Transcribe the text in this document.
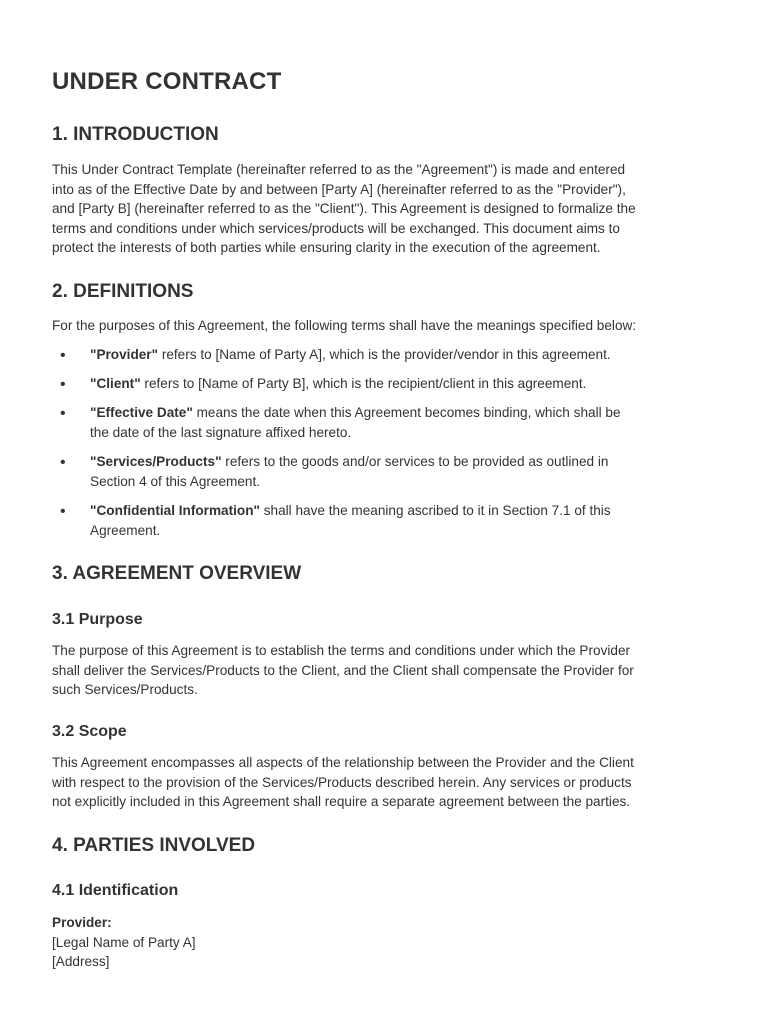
UNDER CONTRACT
1. INTRODUCTION

This Under Contract Template (hereinafter referred to as the "Agreement") is made and entered
into as of the Effective Date by and between [Party A] (hereinafter referred to as the "Provider"),
and [Party B] (hereinafter referred to as the "Client"). This Agreement is designed to formalize the
terms and conditions under which services/products will be exchanged. This document aims to
protect the interests of both parties while ensuring clarity in the execution of the agreement.

2. DEFINITIONS

For the purposes of this Agreement, the following terms shall have the meanings specified below:

• "Provider" refers to [Name of Party A], which is the provider/vendor in this agreement.
• "Client" refers to [Name of Party B], which is the recipient/client in this agreement.
• "Effective Date" means the date when this Agreement becomes binding, which shall be
the date of the last signature affixed hereto.
• "Services/Products" refers to the goods and/or services to be provided as outlined in
Section 4 of this Agreement.
• "Confidential Information" shall have the meaning ascribed to it in Section 7.1 of this
Agreement.
3. AGREEMENT OVERVIEW
3.1 Purpose

The purpose of this Agreement is to establish the terms and conditions under which the Provider
shall deliver the Services/Products to the Client, and the Client shall compensate the Provider for
such Services/Products.

3.2 Scope

This Agreement encompasses all aspects of the relationship between the Provider and the Client
with respect to the provision of the Services/Products described herein. Any services or products
not explicitly included in this Agreement shall require a separate agreement between the parties.

4. PARTIES INVOLVED
4.1 Identification

Provider:
[Legal Name of Party A]
[Address]
